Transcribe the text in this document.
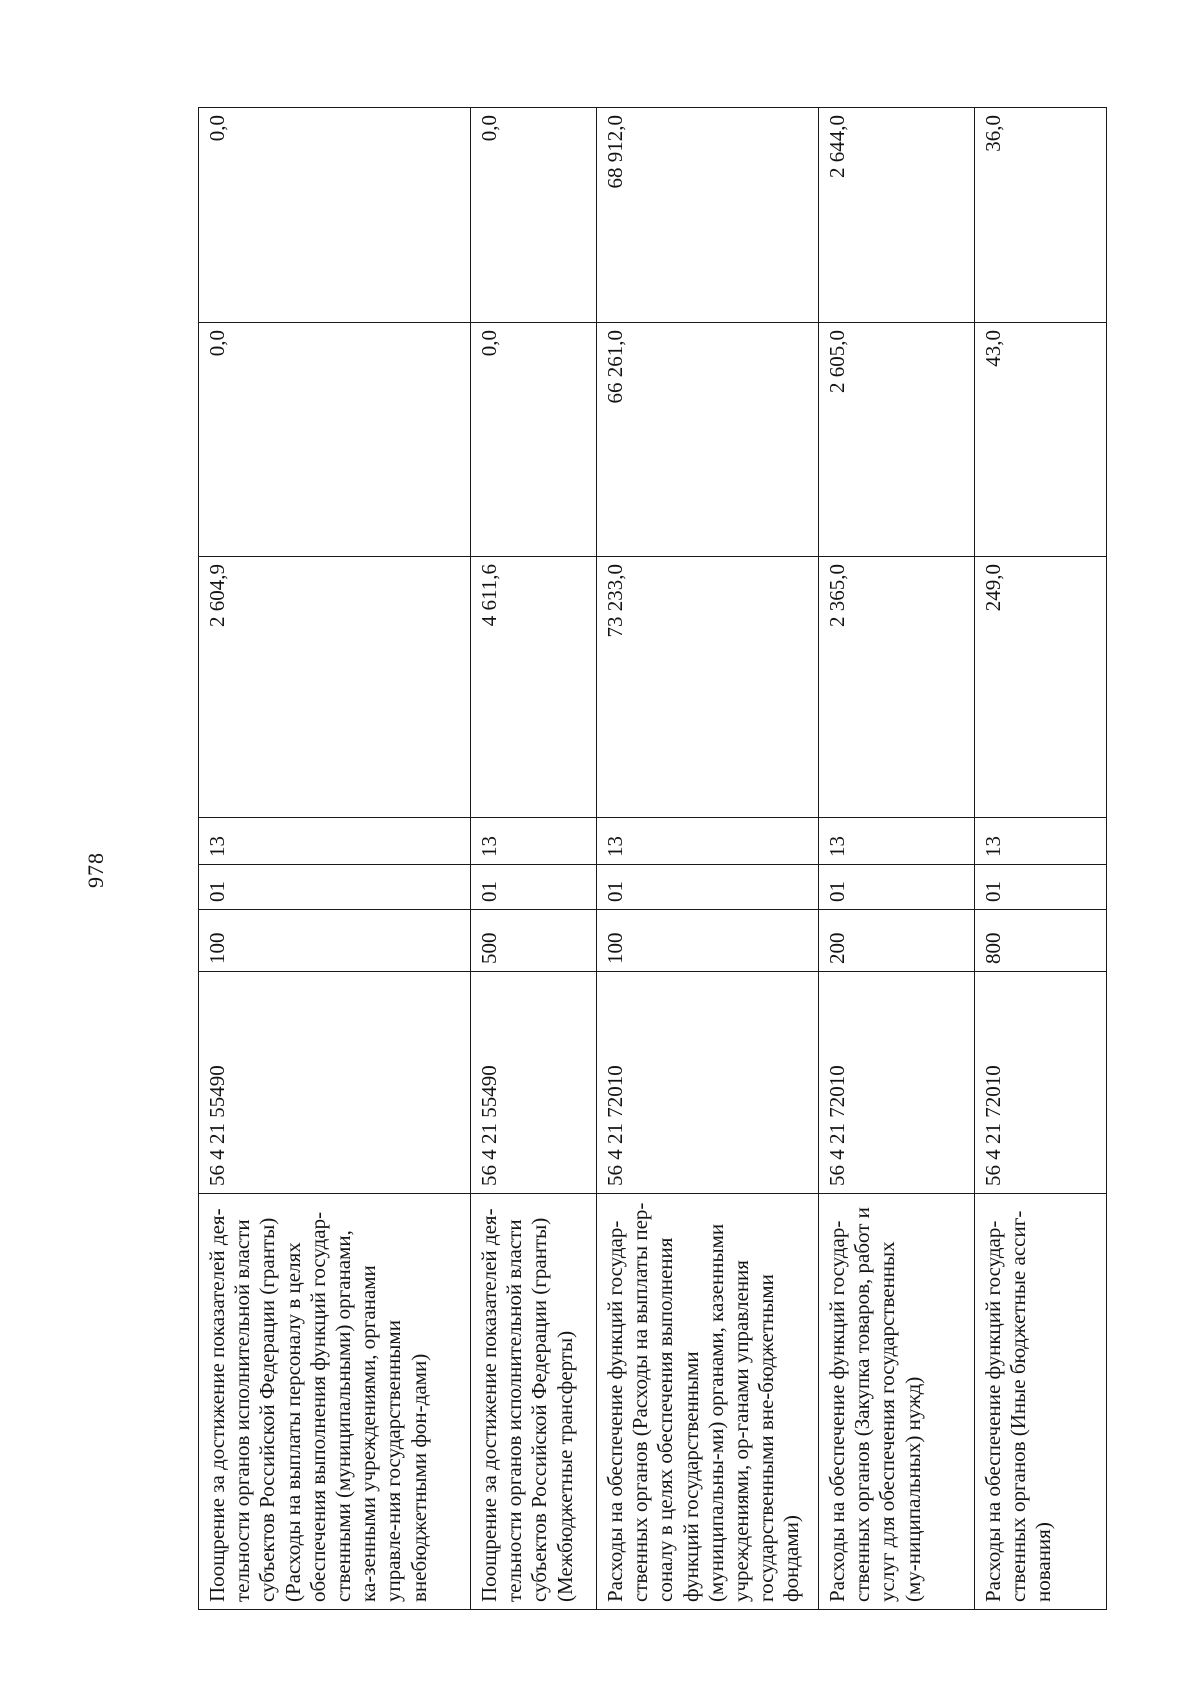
978
Поощрение за достижение показателей дея-тельности органов исполнительной власти субъектов Российской Федерации (гранты) (Расходы на выплаты персоналу в целях обеспечения выполнения функций государ-ственными (муниципальными) органами, ка-зенными учреждениями, органами управле-ния государственными внебюджетными фон-дами)	56 4 21 55490	100	01	13	2 604,9	0,0	0,0
Поощрение за достижение показателей дея-тельности органов исполнительной власти субъектов Российской Федерации (гранты) (Межбюджетные трансферты)	56 4 21 55490	500	01	13	4 611,6	0,0	0,0
Расходы на обеспечение функций государ-ственных органов (Расходы на выплаты пер-соналу в целях обеспечения выполнения функций государственными (муниципальны-ми) органами, казенными учреждениями, ор-ганами управления государственными вне-бюджетными фондами)	56 4 21 72010	100	01	13	73 233,0	66 261,0	68 912,0
Расходы на обеспечение функций государ-ственных органов (Закупка товаров, работ и услуг для обеспечения государственных (му-ниципальных) нужд)	56 4 21 72010	200	01	13	2 365,0	2 605,0	2 644,0
Расходы на обеспечение функций государ-ственных органов (Иные бюджетные ассиг-нования)	56 4 21 72010	800	01	13	249,0	43,0	36,0
